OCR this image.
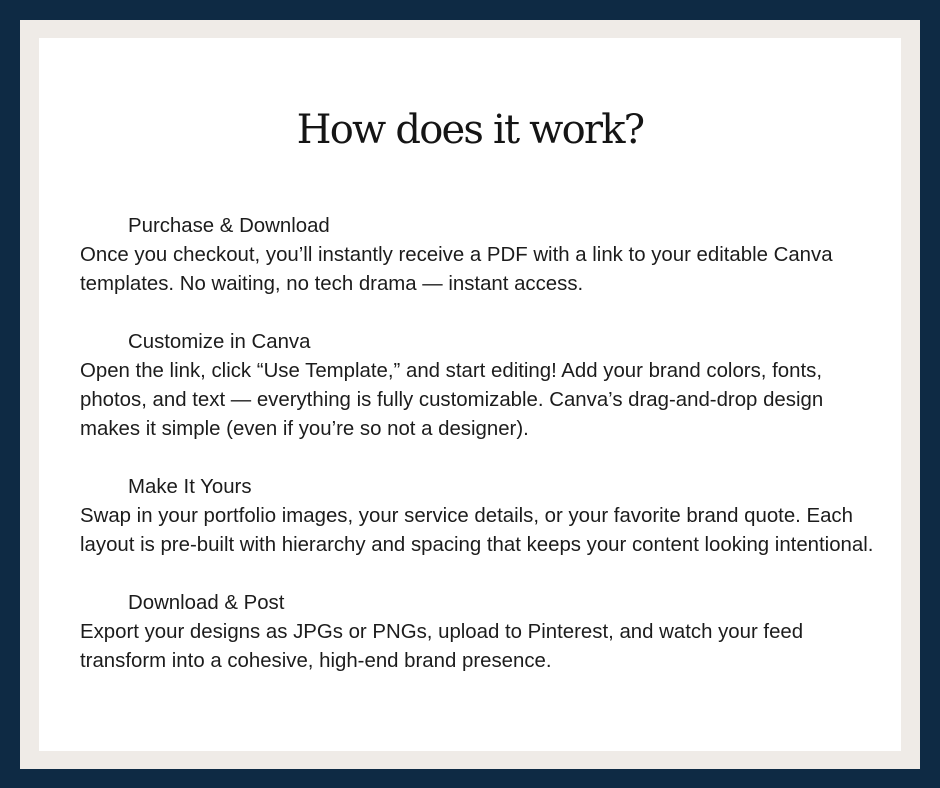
How does it work?

Purchase & Download

Once you checkout, you’ll instantly receive a PDF with a link to your editable Canva templates. No waiting, no tech drama — instant access.

Customize in Canva

Open the link, click “Use Template,” and start editing! Add your brand colors, fonts, photos, and text — everything is fully customizable. Canva’s drag-and-drop design makes it simple (even if you’re so not a designer).

Make It Yours

Swap in your portfolio images, your service details, or your favorite brand quote. Each layout is pre-built with hierarchy and spacing that keeps your content looking intentional.

Download & Post

Export your designs as JPGs or PNGs, upload to Pinterest, and watch your feed transform into a cohesive, high-end brand presence.
